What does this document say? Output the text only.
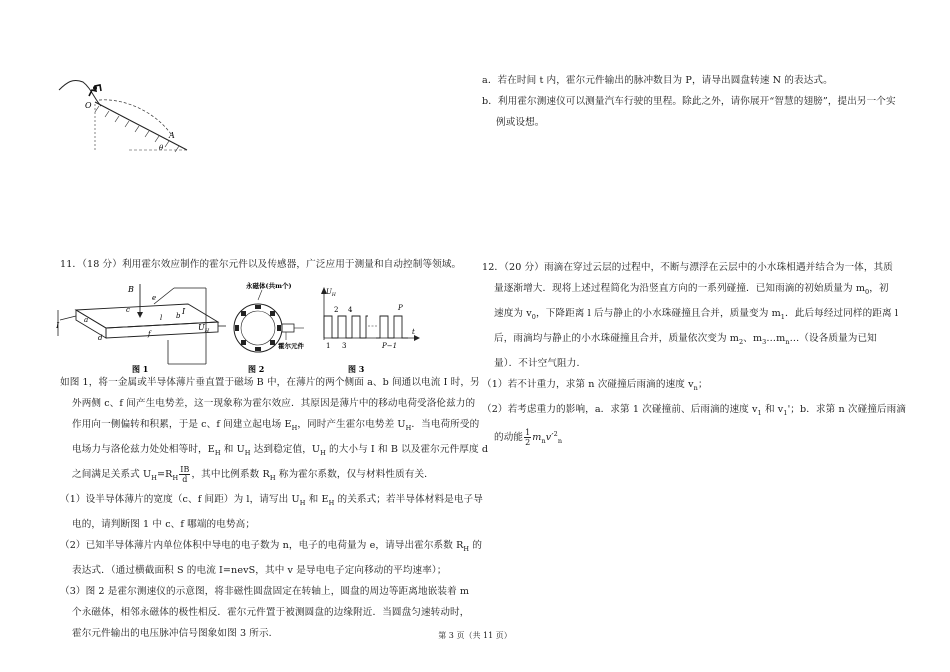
O
A
θ
a．若在时间 t 内，霍尔元件输出的脉冲数目为 P，请导出圆盘转速 N 的表达式。
b．利用霍尔测速仪可以测量汽车行驶的里程。除此之外，请你展开“智慧的翅膀”，提出另一个实
例或设想。
11．（18 分）利用霍尔效应制作的霍尔元件以及传感器，广泛应用于测量和自动控制等领域。
B
I
I
$U_H$
a	b
c
d
e
f
l
图 1
永磁体(共m个)
霍尔元件
图 2
$U_H$
2 4	P
1 3	P−1
t
图 3
如图 1，将一金属或半导体薄片垂直置于磁场 B 中，在薄片的两个侧面 a、b 间通以电流 I 时，另
外两侧 c、f 间产生电势差，这一现象称为霍尔效应．其原因是薄片中的移动电荷受洛伦兹力的
作用向一侧偏转和积累，于是 c、f 间建立起电场 $E_H$，同时产生霍尔电势差 $U_H$．当电荷所受的
电场力与洛伦兹力处处相等时，$E_H$ 和 $U_H$ 达到稳定值，$U_H$ 的大小与 I 和 B 以及霍尔元件厚度 d
之间满足关系式 $U_H=R_H \frac{IB}{d}$ ，其中比例系数 $R_H$ 称为霍尔系数，仅与材料性质有关．
（1）设半导体薄片的宽度（c、f 间距）为 l，请写出 $U_H$ 和 $E_H$ 的关系式；若半导体材料是电子导
电的，请判断图 1 中 c、f 哪端的电势高；
（2）已知半导体薄片内单位体积中导电的电子数为 n，电子的电荷量为 e，请导出霍尔系数 $R_H$ 的
表达式．（通过横截面积 S 的电流 I=nevS，其中 v 是导电电子定向移动的平均速率）；
（3）图 2 是霍尔测速仪的示意图，将非磁性圆盘固定在转轴上，圆盘的周边等距离地嵌装着 m
个永磁体，相邻永磁体的极性相反．霍尔元件置于被测圆盘的边缘附近．当圆盘匀速转动时，
霍尔元件输出的电压脉冲信号图象如图 3 所示．
12．（20 分）雨滴在穿过云层的过程中，不断与漂浮在云层中的小水珠相遇并结合为一体，其质
量逐渐增大．现将上述过程简化为沿竖直方向的一系列碰撞．已知雨滴的初始质量为 $m_0$，初
速度为 $v_0$，下降距离 l 后与静止的小水珠碰撞且合并，质量变为 $m_1$．此后每经过同样的距离 l
后，雨滴均与静止的小水珠碰撞且合并，质量依次变为 $m_2$、$m_3\dots m_n\dots$（设各质量为已知
量）．不计空气阻力．
（1）若不计重力，求第 n 次碰撞后雨滴的速度 $v_n$；
（2）若考虑重力的影响，a．求第 1 次碰撞前、后雨滴的速度 $v_1$ 和 $v_1'$；b．求第 n 次碰撞后雨滴
的动能 $\frac{1}{2} m_nv'^2_n$
第 3 页（共 11 页）
